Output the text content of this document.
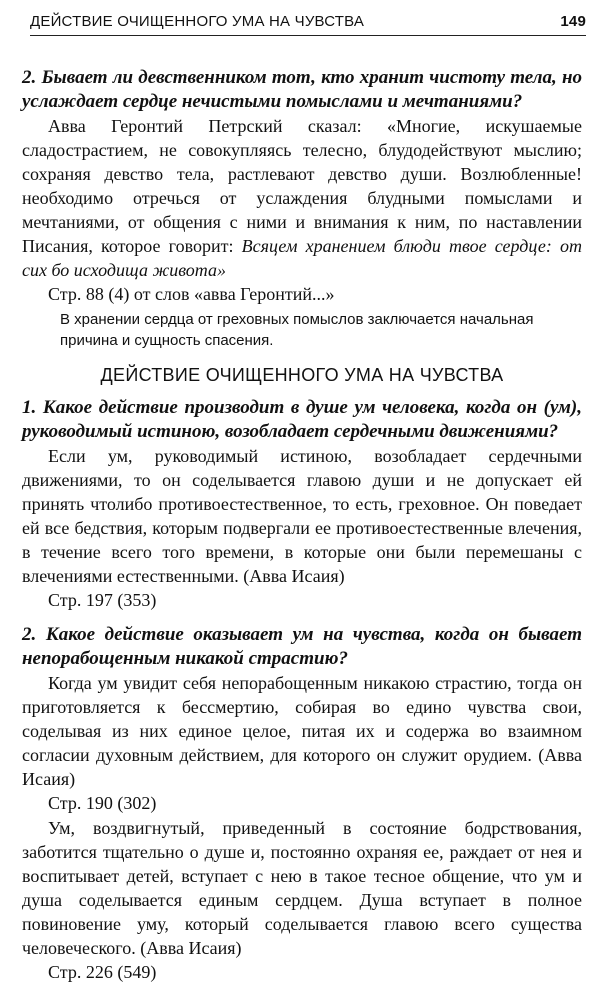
ДЕЙСТВИЕ ОЧИЩЕННОГО УМА НА ЧУВСТВА	149

2. Бывает ли девственником тот, кто хранит чистоту тела, но услаждает сердце нечистыми помыслами и мечтаниями?

Авва Геронтий Петрский сказал: «Многие, искушаемые сладострастием, не совокупляясь телесно, блудодействуют мыслию; сохраняя девство тела, растлевают девство души. Возлюбленные! необходимо отречься от услаждения блудными помыслами и мечтаниями, от общения с ними и внимания к ним, по наставлении Писания, которое говорит: Всяцем хранением блюди твое сердце: от сих бо исходища живота»

Стр. 88 (4) от слов «авва Геронтий...»

В хранении сердца от греховных помыслов заключается начальная причина и сущность спасения.

ДЕЙСТВИЕ ОЧИЩЕННОГО УМА НА ЧУВСТВА

1. Какое действие производит в душе ум человека, когда он (ум), руководимый истиною, возобладает сердечными движениями?

Если ум, руководимый истиною, возобладает сердечными движениями, то он соделывается главою души и не допускает ей принять чтолибо противоестественное, то есть, греховное. Он поведает ей все бедствия, которым подвергали ее противоестественные влечения, в течение всего того времени, в которые они были перемешаны с влечениями естественными. (Авва Исаия)

Стр. 197 (353)

2. Какое действие оказывает ум на чувства, когда он бывает непорабощенным никакой страстию?

Когда ум увидит себя непорабощенным никакою страстию, тогда он приготовляется к бессмертию, собирая во едино чувства свои, соделывая из них единое целое, питая их и содержа во взаимном согласии духовным действием, для которого он служит орудием. (Авва Исаия)

Стр. 190 (302)

Ум, воздвигнутый, приведенный в состояние бодрствования, заботится тщательно о душе и, постоянно охраняя ее, раждает от нея и воспитывает детей, вступает с нею в такое тесное общение, что ум и душа соделывается единым сердцем. Душа вступает в полное повиновение уму, который соделывается главою всего существа человеческого. (Авва Исаия)

Стр. 226 (549)
